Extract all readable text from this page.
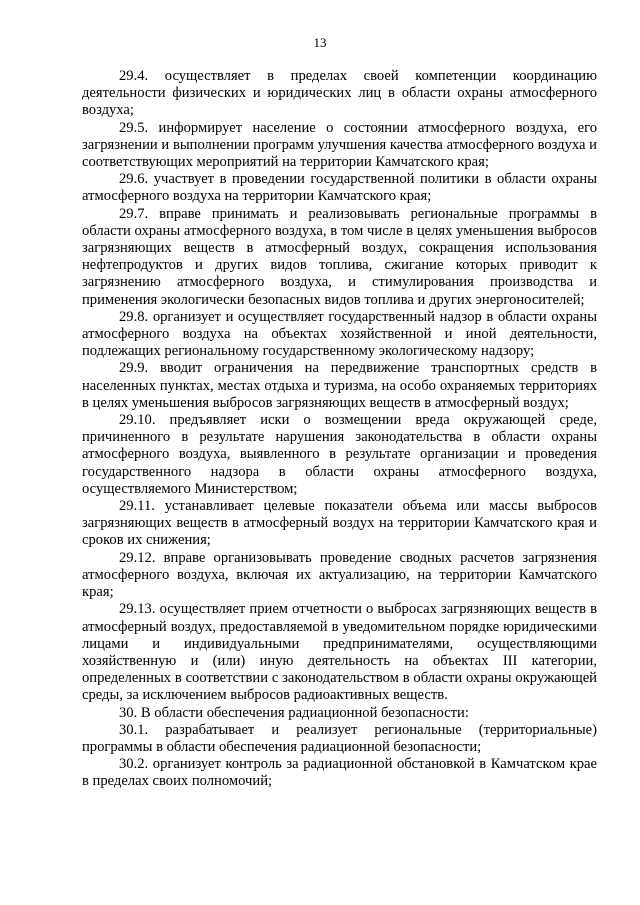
13

29.4. осуществляет в пределах своей компетенции координацию деятельности физических и юридических лиц в области охраны атмосферного воздуха;

29.5. информирует население о состоянии атмосферного воздуха, его загрязнении и выполнении программ улучшения качества атмосферного воздуха и соответствующих мероприятий на территории Камчатского края;

29.6. участвует в проведении государственной политики в области охраны атмосферного воздуха на территории Камчатского края;

29.7. вправе принимать и реализовывать региональные программы в области охраны атмосферного воздуха, в том числе в целях уменьшения выбросов загрязняющих веществ в атмосферный воздух, сокращения использования нефтепродуктов и других видов топлива, сжигание которых приводит к загрязнению атмосферного воздуха, и стимулирования производства и применения экологически безопасных видов топлива и других энергоносителей;

29.8. организует и осуществляет государственный надзор в области охраны атмосферного воздуха на объектах хозяйственной и иной деятельности, подлежащих региональному государственному экологическому надзору;

29.9. вводит ограничения на передвижение транспортных средств в населенных пунктах, местах отдыха и туризма, на особо охраняемых территориях в целях уменьшения выбросов загрязняющих веществ в атмосферный воздух;

29.10. предъявляет иски о возмещении вреда окружающей среде, причиненного в результате нарушения законодательства в области охраны атмосферного воздуха, выявленного в результате организации и проведения государственного надзора в области охраны атмосферного воздуха, осуществляемого Министерством;

29.11. устанавливает целевые показатели объема или массы выбросов загрязняющих веществ в атмосферный воздух на территории Камчатского края и сроков их снижения;

29.12. вправе организовывать проведение сводных расчетов загрязнения атмосферного воздуха, включая их актуализацию, на территории Камчатского края;

29.13. осуществляет прием отчетности о выбросах загрязняющих веществ в атмосферный воздух, предоставляемой в уведомительном порядке юридическими лицами и индивидуальными предпринимателями, осуществляющими хозяйственную и (или) иную деятельность на объектах III категории, определенных в соответствии с законодательством в области охраны окружающей среды, за исключением выбросов радиоактивных веществ.

30. В области обеспечения радиационной безопасности:

30.1. разрабатывает и реализует региональные (территориальные) программы в области обеспечения радиационной безопасности;

30.2. организует контроль за радиационной обстановкой в Камчатском крае в пределах своих полномочий;
